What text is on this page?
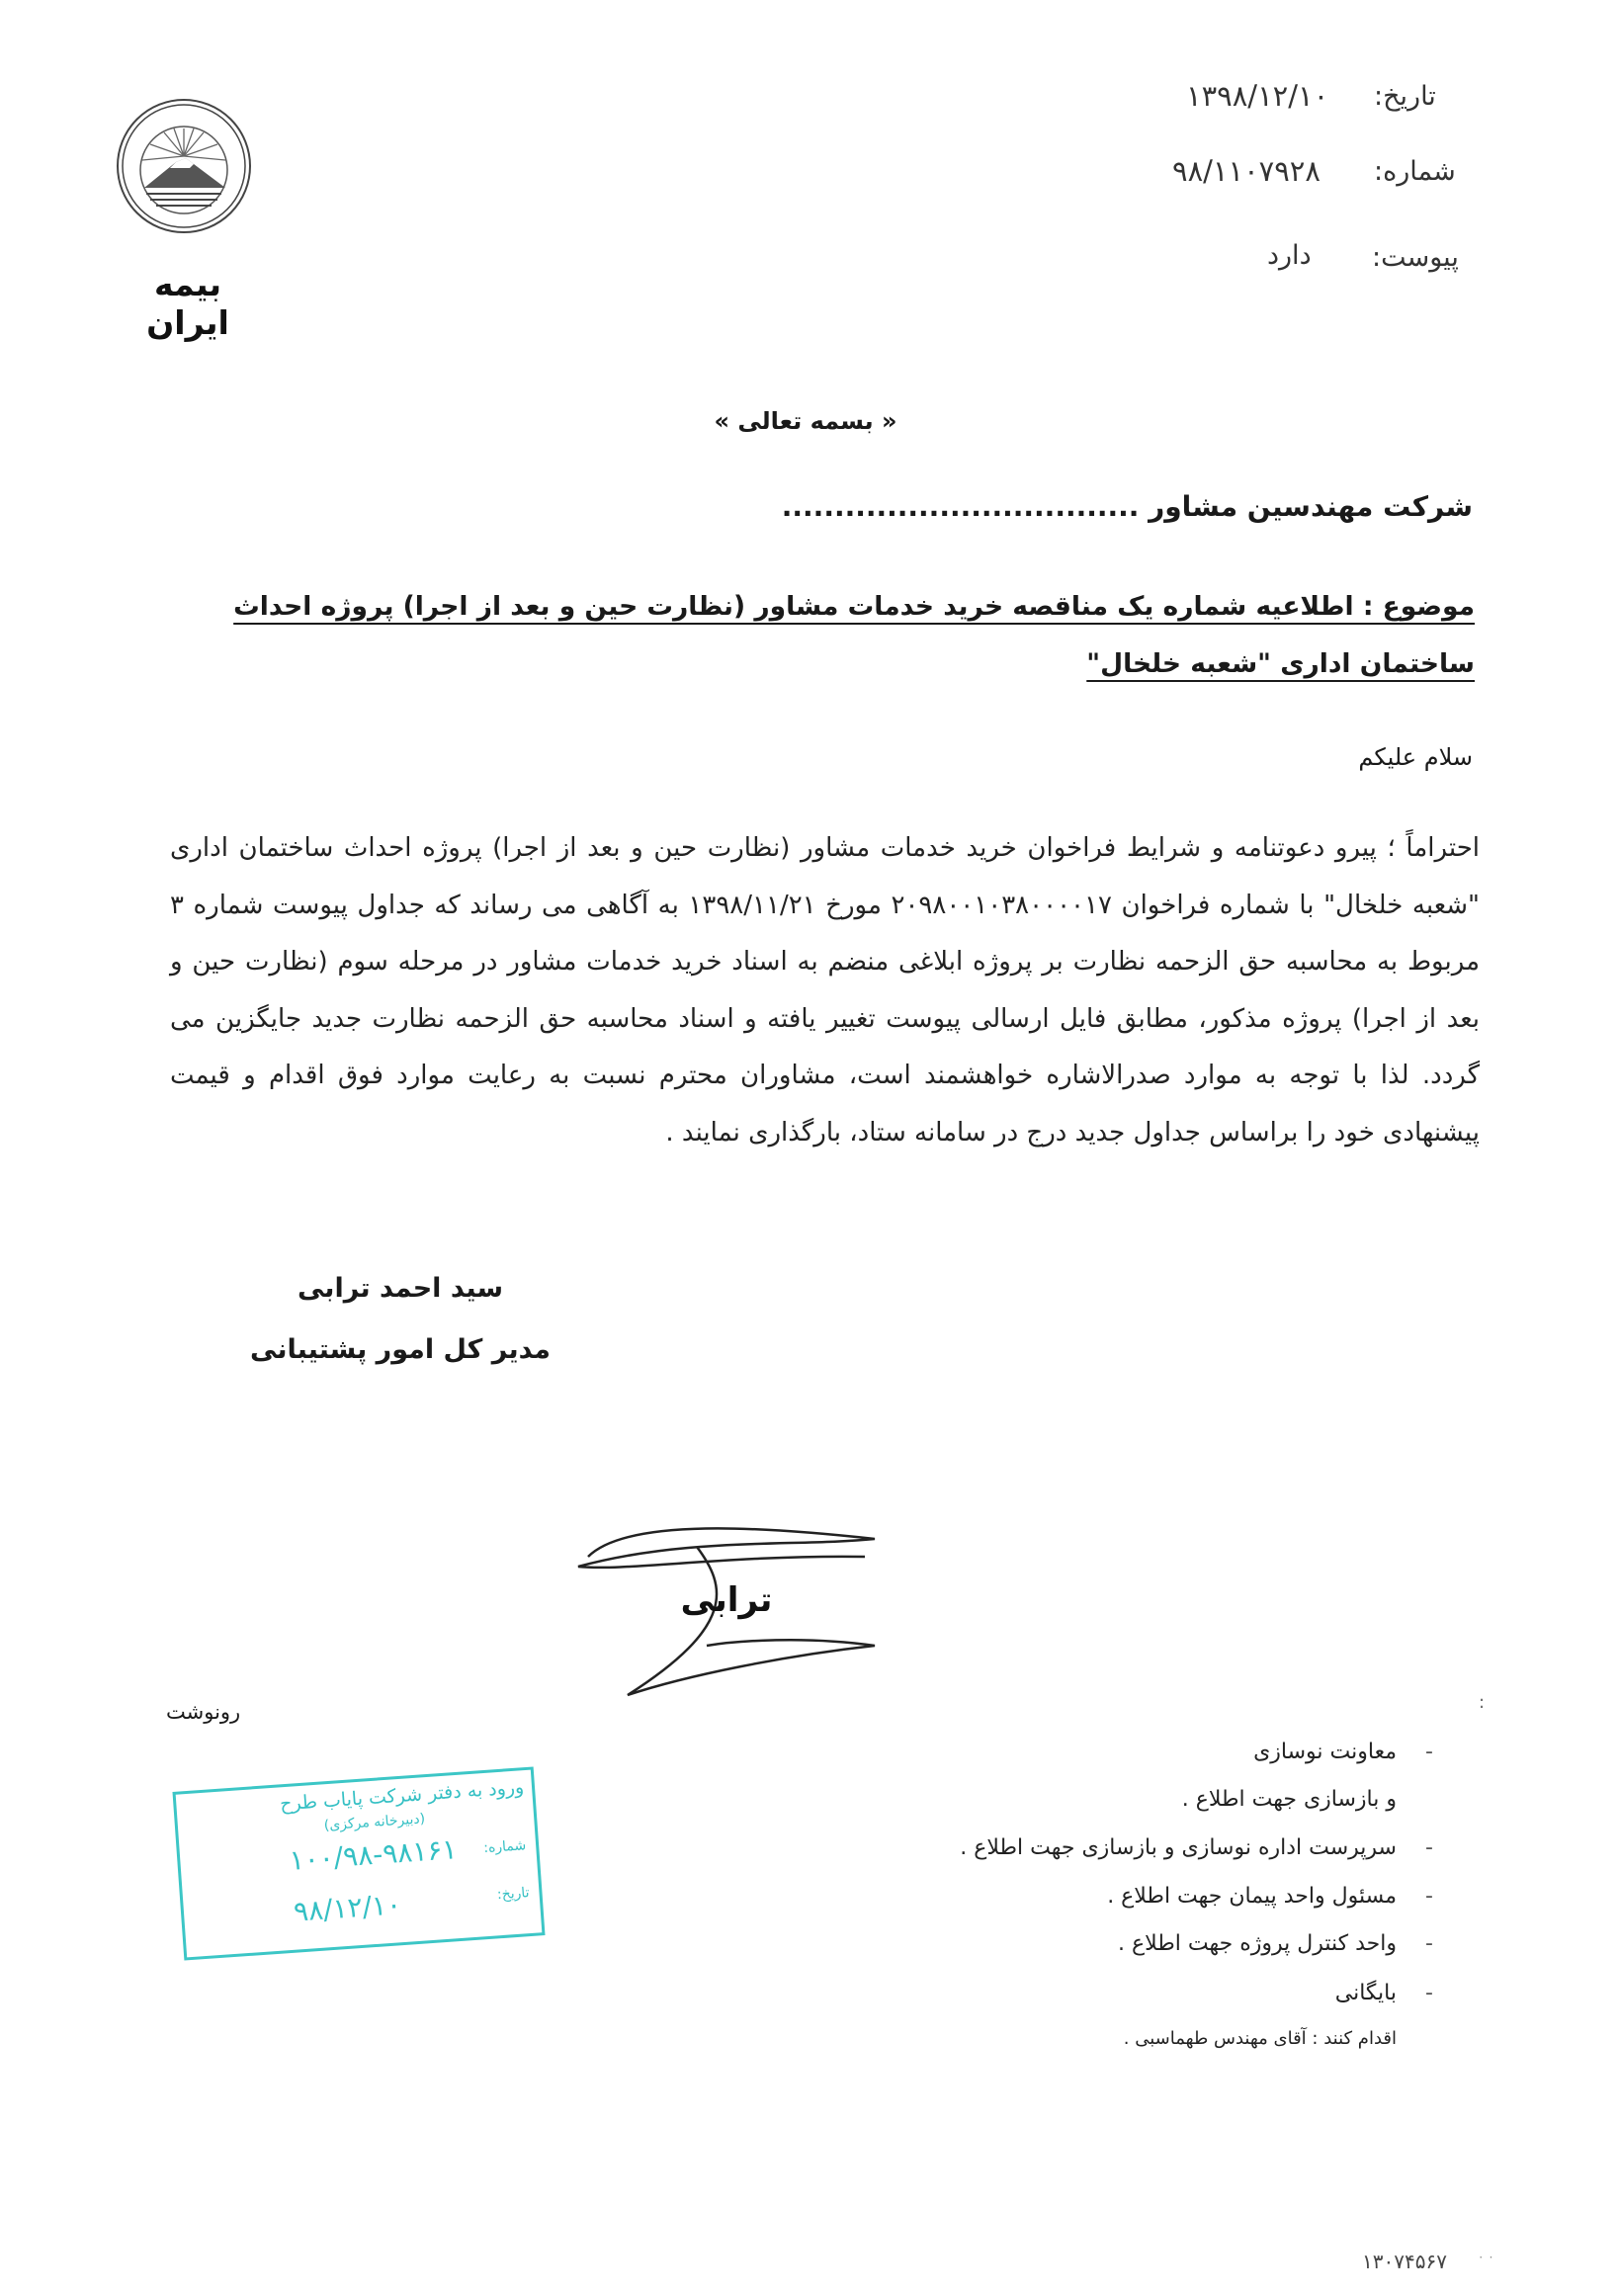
بیمه ایران
تاریخ:
۱۳۹۸/۱۲/۱۰
شماره:
۹۸/۱۱۰۷۹۲۸
پیوست:
دارد
« بسمه تعالی »
شرکت مهندسین مشاور ..................................
موضوع : اطلاعیه شماره یک مناقصه خرید خدمات مشاور (نظارت حین و بعد از اجرا) پروژه احداث
ساختمان اداری "شعبه خلخال"
سلام علیکم
احتراماً ؛ پیرو دعوتنامه و شرایط فراخوان خرید خدمات مشاور (نظارت حین و بعد از اجرا) پروژه احداث ساختمان اداری "شعبه خلخال" با شماره فراخوان ۲۰۹۸۰۰۱۰۳۸۰۰۰۰۱۷ مورخ ۱۳۹۸/۱۱/۲۱ به آگاهی می رساند که جداول پیوست شماره ۳ مربوط به محاسبه حق الزحمه نظارت بر پروژه ابلاغی منضم به اسناد خرید خدمات مشاور در مرحله سوم (نظارت حین و بعد از اجرا) پروژه مذکور، مطابق فایل ارسالی پیوست تغییر یافته و اسناد محاسبه حق الزحمه نظارت جدید جایگزین می گردد. لذا با توجه به موارد صدرالاشاره خواهشمند است، مشاوران محترم نسبت به رعایت موارد فوق اقدام و قیمت پیشنهادی خود را براساس جداول جدید درج در سامانه ستاد، بارگذاری نمایند .
سید احمد ترابی
مدیر کل امور پشتیبانی
ترابی
رونوشت	:
-
معاونت نوسازی
و بازسازی جهت اطلاع .
-
سرپرست اداره نوسازی و بازسازی جهت اطلاع .
-
مسئول واحد پیمان جهت اطلاع .
-
واحد کنترل پروژه جهت اطلاع .
-
بایگانی
اقدام کنند : آقای مهندس طهماسبی .
ورود به دفتر شرکت پایاب طرح
(دبیرخانه مرکزی)
شماره:
۱۰۰/۹۸-۹۸۱۶۱
تاریخ:
۹۸/۱۲/۱۰
۱۳۰۷۴۵۶۷	٠ ٠
